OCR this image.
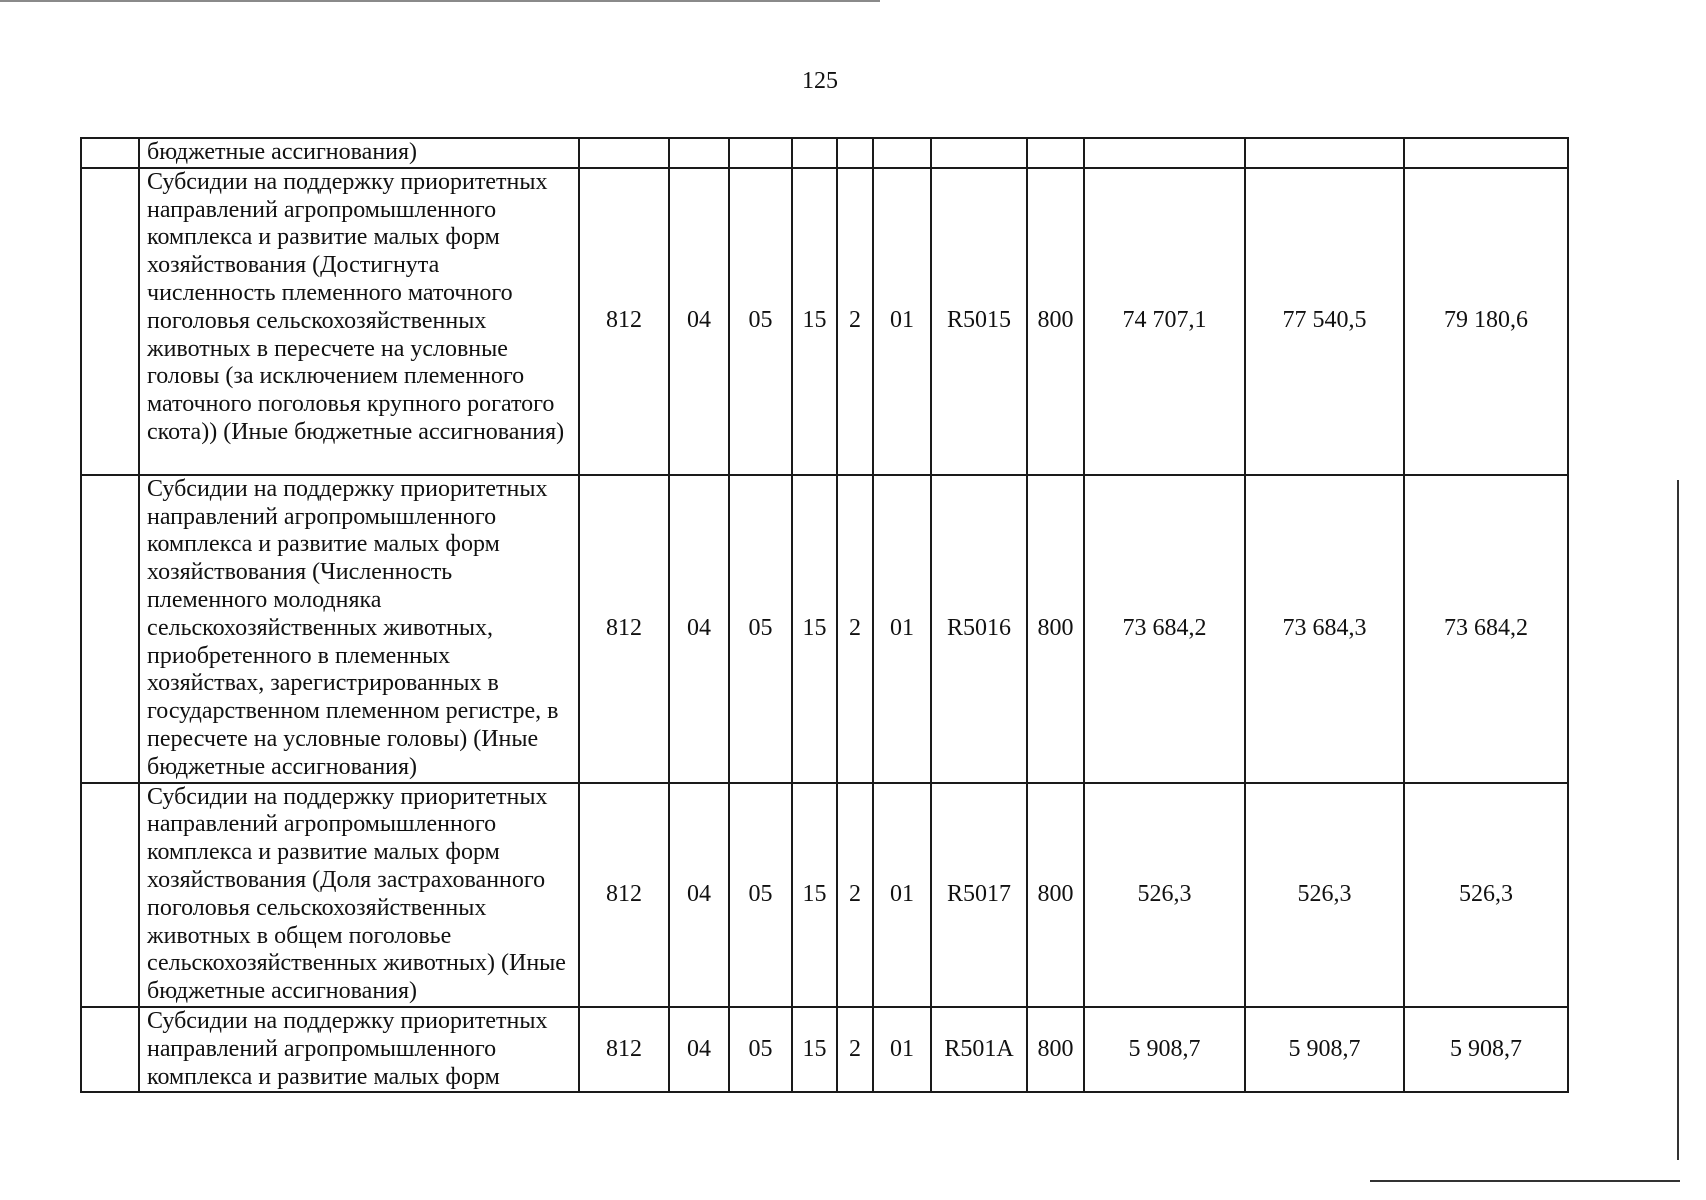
125
	бюджетные ассигнования)											
	Субсидии на поддержку приоритетных направлений агропромышленного комплекса и развитие малых форм хозяйствования (Достигнута численность племенного маточного поголовья сельскохозяйственных животных в пересчете на условные головы (за исключением племенного маточного поголовья крупного рогатого скота)) (Иные бюджетные ассигнования)	812	04	05	15	2	01	R5015	800	74 707,1	77 540,5	79 180,6
	Субсидии на поддержку приоритетных направлений агропромышленного комплекса и развитие малых форм хозяйствования (Численность племенного молодняка сельскохозяйственных животных, приобретенного в племенных хозяйствах, зарегистрированных в государственном племенном регистре, в пересчете на условные головы) (Иные бюджетные ассигнования)	812	04	05	15	2	01	R5016	800	73 684,2	73 684,3	73 684,2
	Субсидии на поддержку приоритетных направлений агропромышленного комплекса и развитие малых форм хозяйствования (Доля застрахованного поголовья сельскохозяйственных животных в общем поголовье сельскохозяйственных животных) (Иные бюджетные ассигнования)	812	04	05	15	2	01	R5017	800	526,3	526,3	526,3
	Субсидии на поддержку приоритетных направлений агропромышленного комплекса и развитие малых форм	812	04	05	15	2	01	R501A	800	5 908,7	5 908,7	5 908,7
